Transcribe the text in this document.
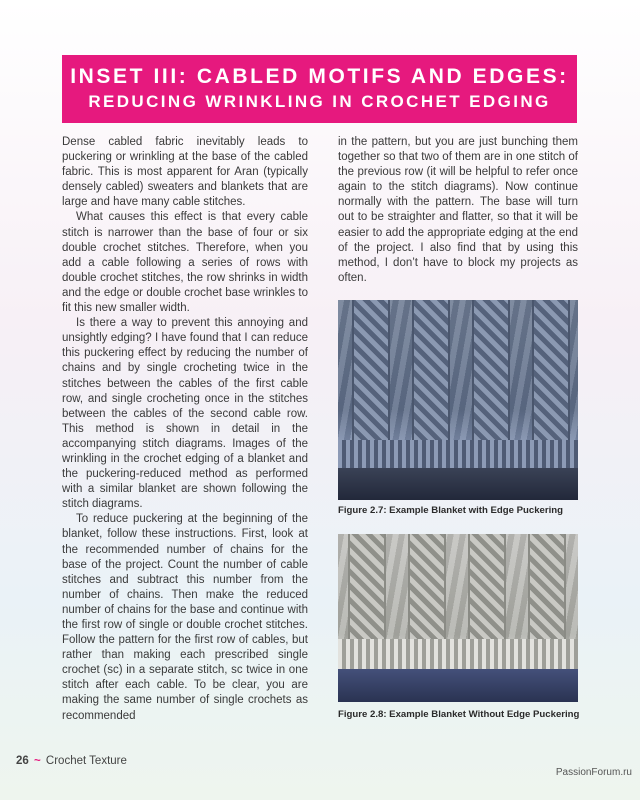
INSET III: CABLED MOTIFS AND EDGES:
REDUCING WRINKLING IN CROCHET EDGING

Dense cabled fabric inevitably leads to puckering or wrinkling at the base of the cabled fabric. This is most apparent for Aran (typically densely cabled) sweaters and blankets that are large and have many cable stitches.

What causes this effect is that every cable stitch is narrower than the base of four or six double crochet stitches. Therefore, when you add a cable following a series of rows with double crochet stitches, the row shrinks in width and the edge or double crochet base wrinkles to fit this new smaller width.

Is there a way to prevent this annoying and unsightly edging? I have found that I can reduce this puckering effect by reducing the number of chains and by single crocheting twice in the stitches between the cables of the first cable row, and single crocheting once in the stitches between the cables of the second cable row. This method is shown in detail in the accompanying stitch diagrams. Images of the wrinkling in the crochet edging of a blanket and the puckering-reduced method as performed with a similar blanket are shown following the stitch diagrams.

To reduce puckering at the beginning of the blanket, follow these instructions. First, look at the recommended number of chains for the base of the project. Count the number of cable stitches and subtract this number from the number of chains. Then make the reduced number of chains for the base and continue with the first row of single or double crochet stitches. Follow the pattern for the first row of cables, but rather than making each prescribed single crochet (sc) in a separate stitch, sc twice in one stitch after each cable. To be clear, you are making the same number of single crochets as recommended

in the pattern, but you are just bunching them together so that two of them are in one stitch of the previous row (it will be helpful to refer once again to the stitch diagrams). Now continue normally with the pattern. The base will turn out to be straighter and flatter, so that it will be easier to add the appropriate edging at the end of the project. I also find that by using this method, I don’t have to block my projects as often.

Figure 2.7: Example Blanket with Edge Puckering
Figure 2.8: Example Blanket Without Edge Puckering
26 ~ Crochet Texture
PassionForum.ru
